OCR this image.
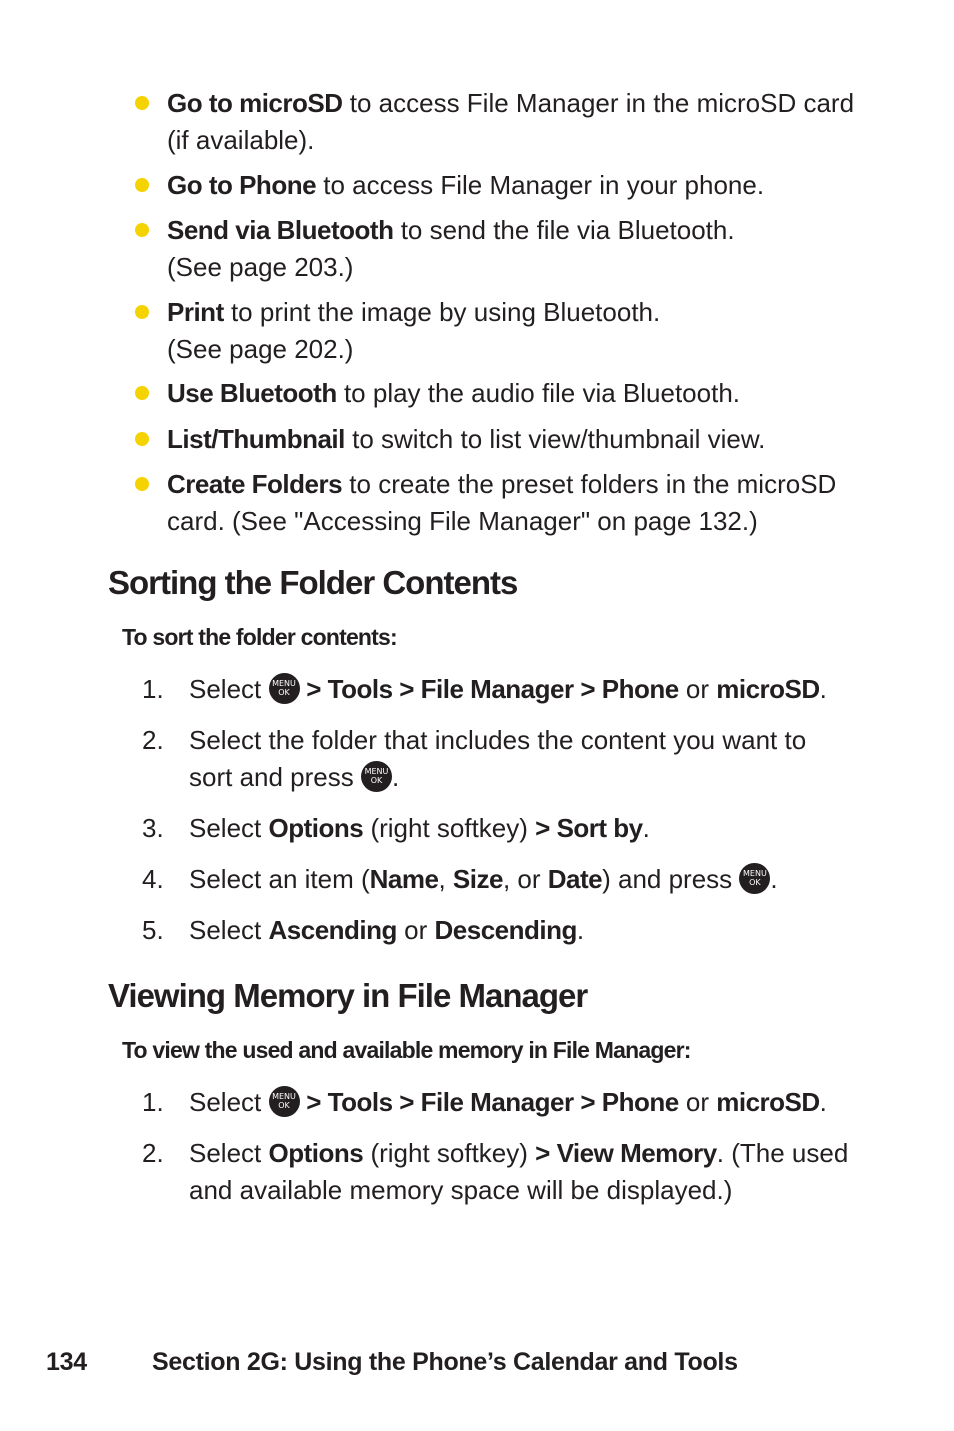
Go to microSD to access File Manager in the microSD card (if available).
Go to Phone to access File Manager in your phone.
Send via Bluetooth to send the file via Bluetooth.
(See page 203.)
Print to print the image by using Bluetooth.
(See page 202.)
Use Bluetooth to play the audio file via Bluetooth.
List/Thumbnail to switch to list view/thumbnail view.
Create Folders to create the preset folders in the microSD card. (See "Accessing File Manager" on page 132.)
Sorting the Folder Contents
To sort the folder contents:
1. Select MENU
OK > Tools > File Manager > Phone or microSD.
2. Select the folder that includes the content you want to sort and press MENU
OK .
3. Select Options (right softkey) > Sort by.
4. Select an item (Name, Size, or Date) and press MENU
OK .
5. Select Ascending or Descending.
Viewing Memory in File Manager
To view the used and available memory in File Manager:
1. Select MENU
OK > Tools > File Manager > Phone or microSD.
2. Select Options (right softkey) > View Memory. (The used and available memory space will be displayed.)
134	Section 2G: Using the Phone’s Calendar and Tools
